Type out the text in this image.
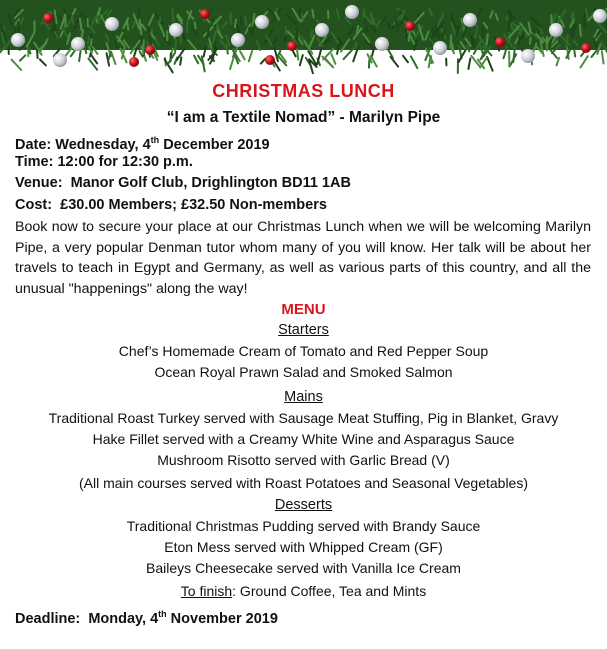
CHRISTMAS LUNCH
“I am a Textile Nomad” - Marilyn Pipe
Date: Wednesday, 4th December 2019
Time: 12:00 for 12:30 p.m.
Venue: Manor Golf Club, Drighlington BD11 1AB
Cost: £30.00 Members; £32.50 Non-members
Book now to secure your place at our Christmas Lunch when we will be welcoming Marilyn Pipe, a very popular Denman tutor whom many of you will know. Her talk will be about her travels to teach in Egypt and Germany, as well as various parts of this country, and all the unusual "happenings" along the way!
MENU
Starters
Chef’s Homemade Cream of Tomato and Red Pepper Soup
Ocean Royal Prawn Salad and Smoked Salmon
Mains
Traditional Roast Turkey served with Sausage Meat Stuffing, Pig in Blanket, Gravy
Hake Fillet served with a Creamy White Wine and Asparagus Sauce
Mushroom Risotto served with Garlic Bread (V)
(All main courses served with Roast Potatoes and Seasonal Vegetables)
Desserts
Traditional Christmas Pudding served with Brandy Sauce
Eton Mess served with Whipped Cream (GF)
Baileys Cheesecake served with Vanilla Ice Cream
To finish: Ground Coffee, Tea and Mints
Deadline: Monday, 4th November 2019
